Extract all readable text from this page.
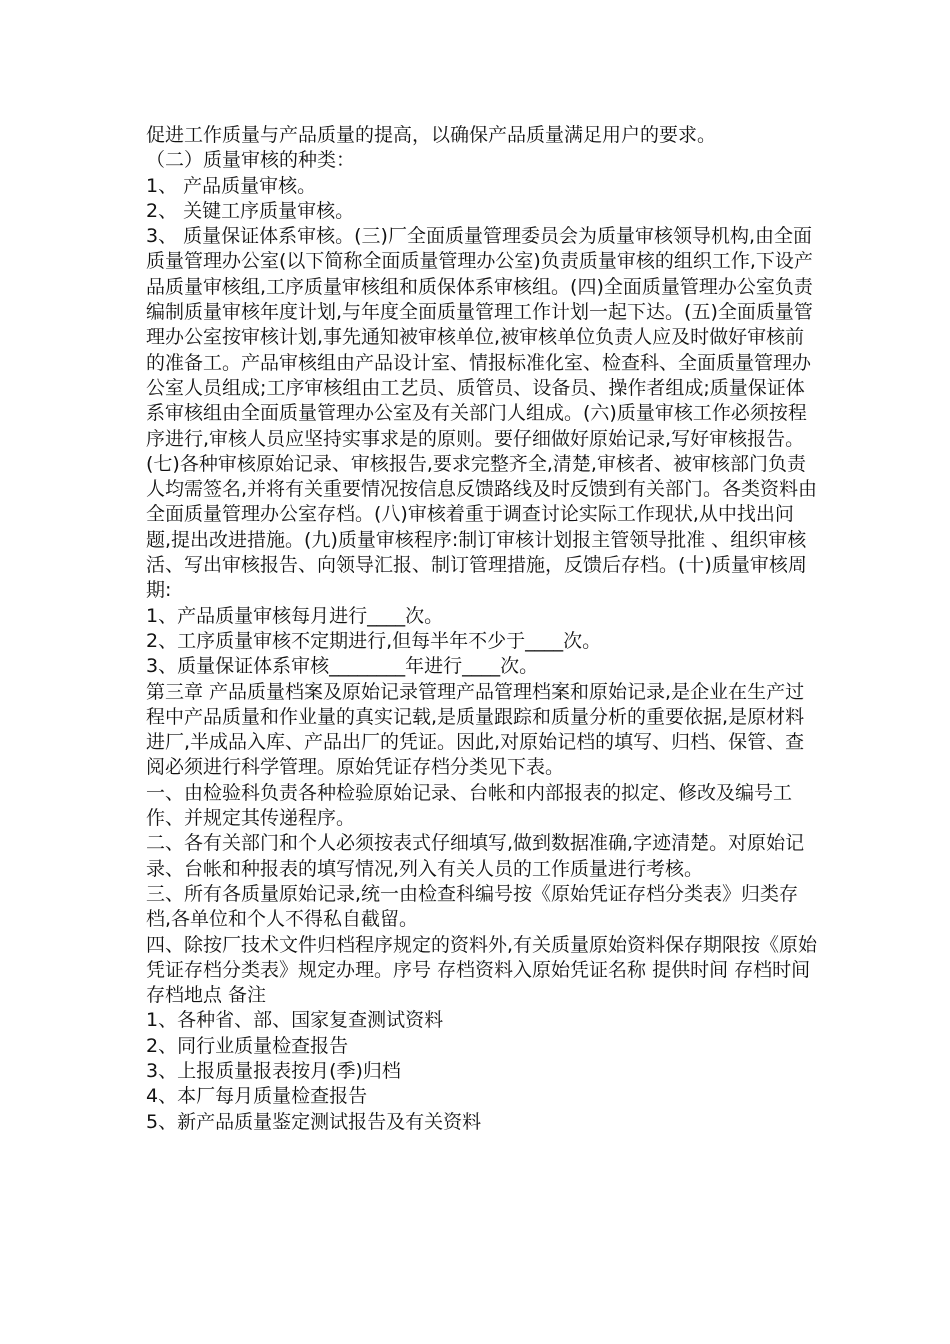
促进工作质量与产品质量的提高，以确保产品质量满足用户的要求。

（二）质量审核的种类：

1、 产品质量审核。

2、 关键工序质量审核。

3、 质量保证体系审核。(三)厂全面质量管理委员会为质量审核领导机构,由全面质量管理办公室(以下简称全面质量管理办公室)负责质量审核的组织工作,下设产品质量审核组,工序质量审核组和质保体系审核组。(四)全面质量管理办公室负责编制质量审核年度计划,与年度全面质量管理工作计划一起下达。(五)全面质量管理办公室按审核计划,事先通知被审核单位,被审核单位负责人应及时做好审核前的准备工。产品审核组由产品设计室、情报标准化室、检查科、全面质量管理办公室人员组成;工序审核组由工艺员、质管员、设备员、操作者组成;质量保证体系审核组由全面质量管理办公室及有关部门人组成。(六)质量审核工作必须按程序进行,审核人员应坚持实事求是的原则。要仔细做好原始记录,写好审核报告。(七)各种审核原始记录、审核报告,要求完整齐全,清楚,审核者、被审核部门负责人均需签名,并将有关重要情况按信息反馈路线及时反馈到有关部门。各类资料由全面质量管理办公室存档。(八)审核着重于调查讨论实际工作现状,从中找出问题,提出改进措施。(九)质量审核程序:制订审核计划报主管领导批准 、组织审核活、写出审核报告、向领导汇报、制订管理措施，反馈后存档。(十)质量审核周期:

1、产品质量审核每月进行____次。

2、工序质量审核不定期进行,但每半年不少于____次。

3、质量保证体系审核________年进行____次。

第三章 产品质量档案及原始记录管理产品管理档案和原始记录,是企业在生产过程中产品质量和作业量的真实记载,是质量跟踪和质量分析的重要依据,是原材料进厂,半成品入库、产品出厂的凭证。因此,对原始记档的填写、归档、保管、查阅必须进行科学管理。原始凭证存档分类见下表。

一、由检验科负责各种检验原始记录、台帐和内部报表的拟定、修改及编号工作、并规定其传递程序。

二、各有关部门和个人必须按表式仔细填写,做到数据准确,字迹清楚。对原始记录、台帐和种报表的填写情况,列入有关人员的工作质量进行考核。

三、所有各质量原始记录,统一由检查科编号按《原始凭证存档分类表》归类存档,各单位和个人不得私自截留。

四、除按厂技术文件归档程序规定的资料外,有关质量原始资料保存期限按《原始凭证存档分类表》规定办理。序号 存档资料入原始凭证名称 提供时间 存档时间 存档地点 备注

1、各种省、部、国家复查测试资料

2、同行业质量检查报告

3、上报质量报表按月(季)归档

4、本厂每月质量检查报告

5、新产品质量鉴定测试报告及有关资料
